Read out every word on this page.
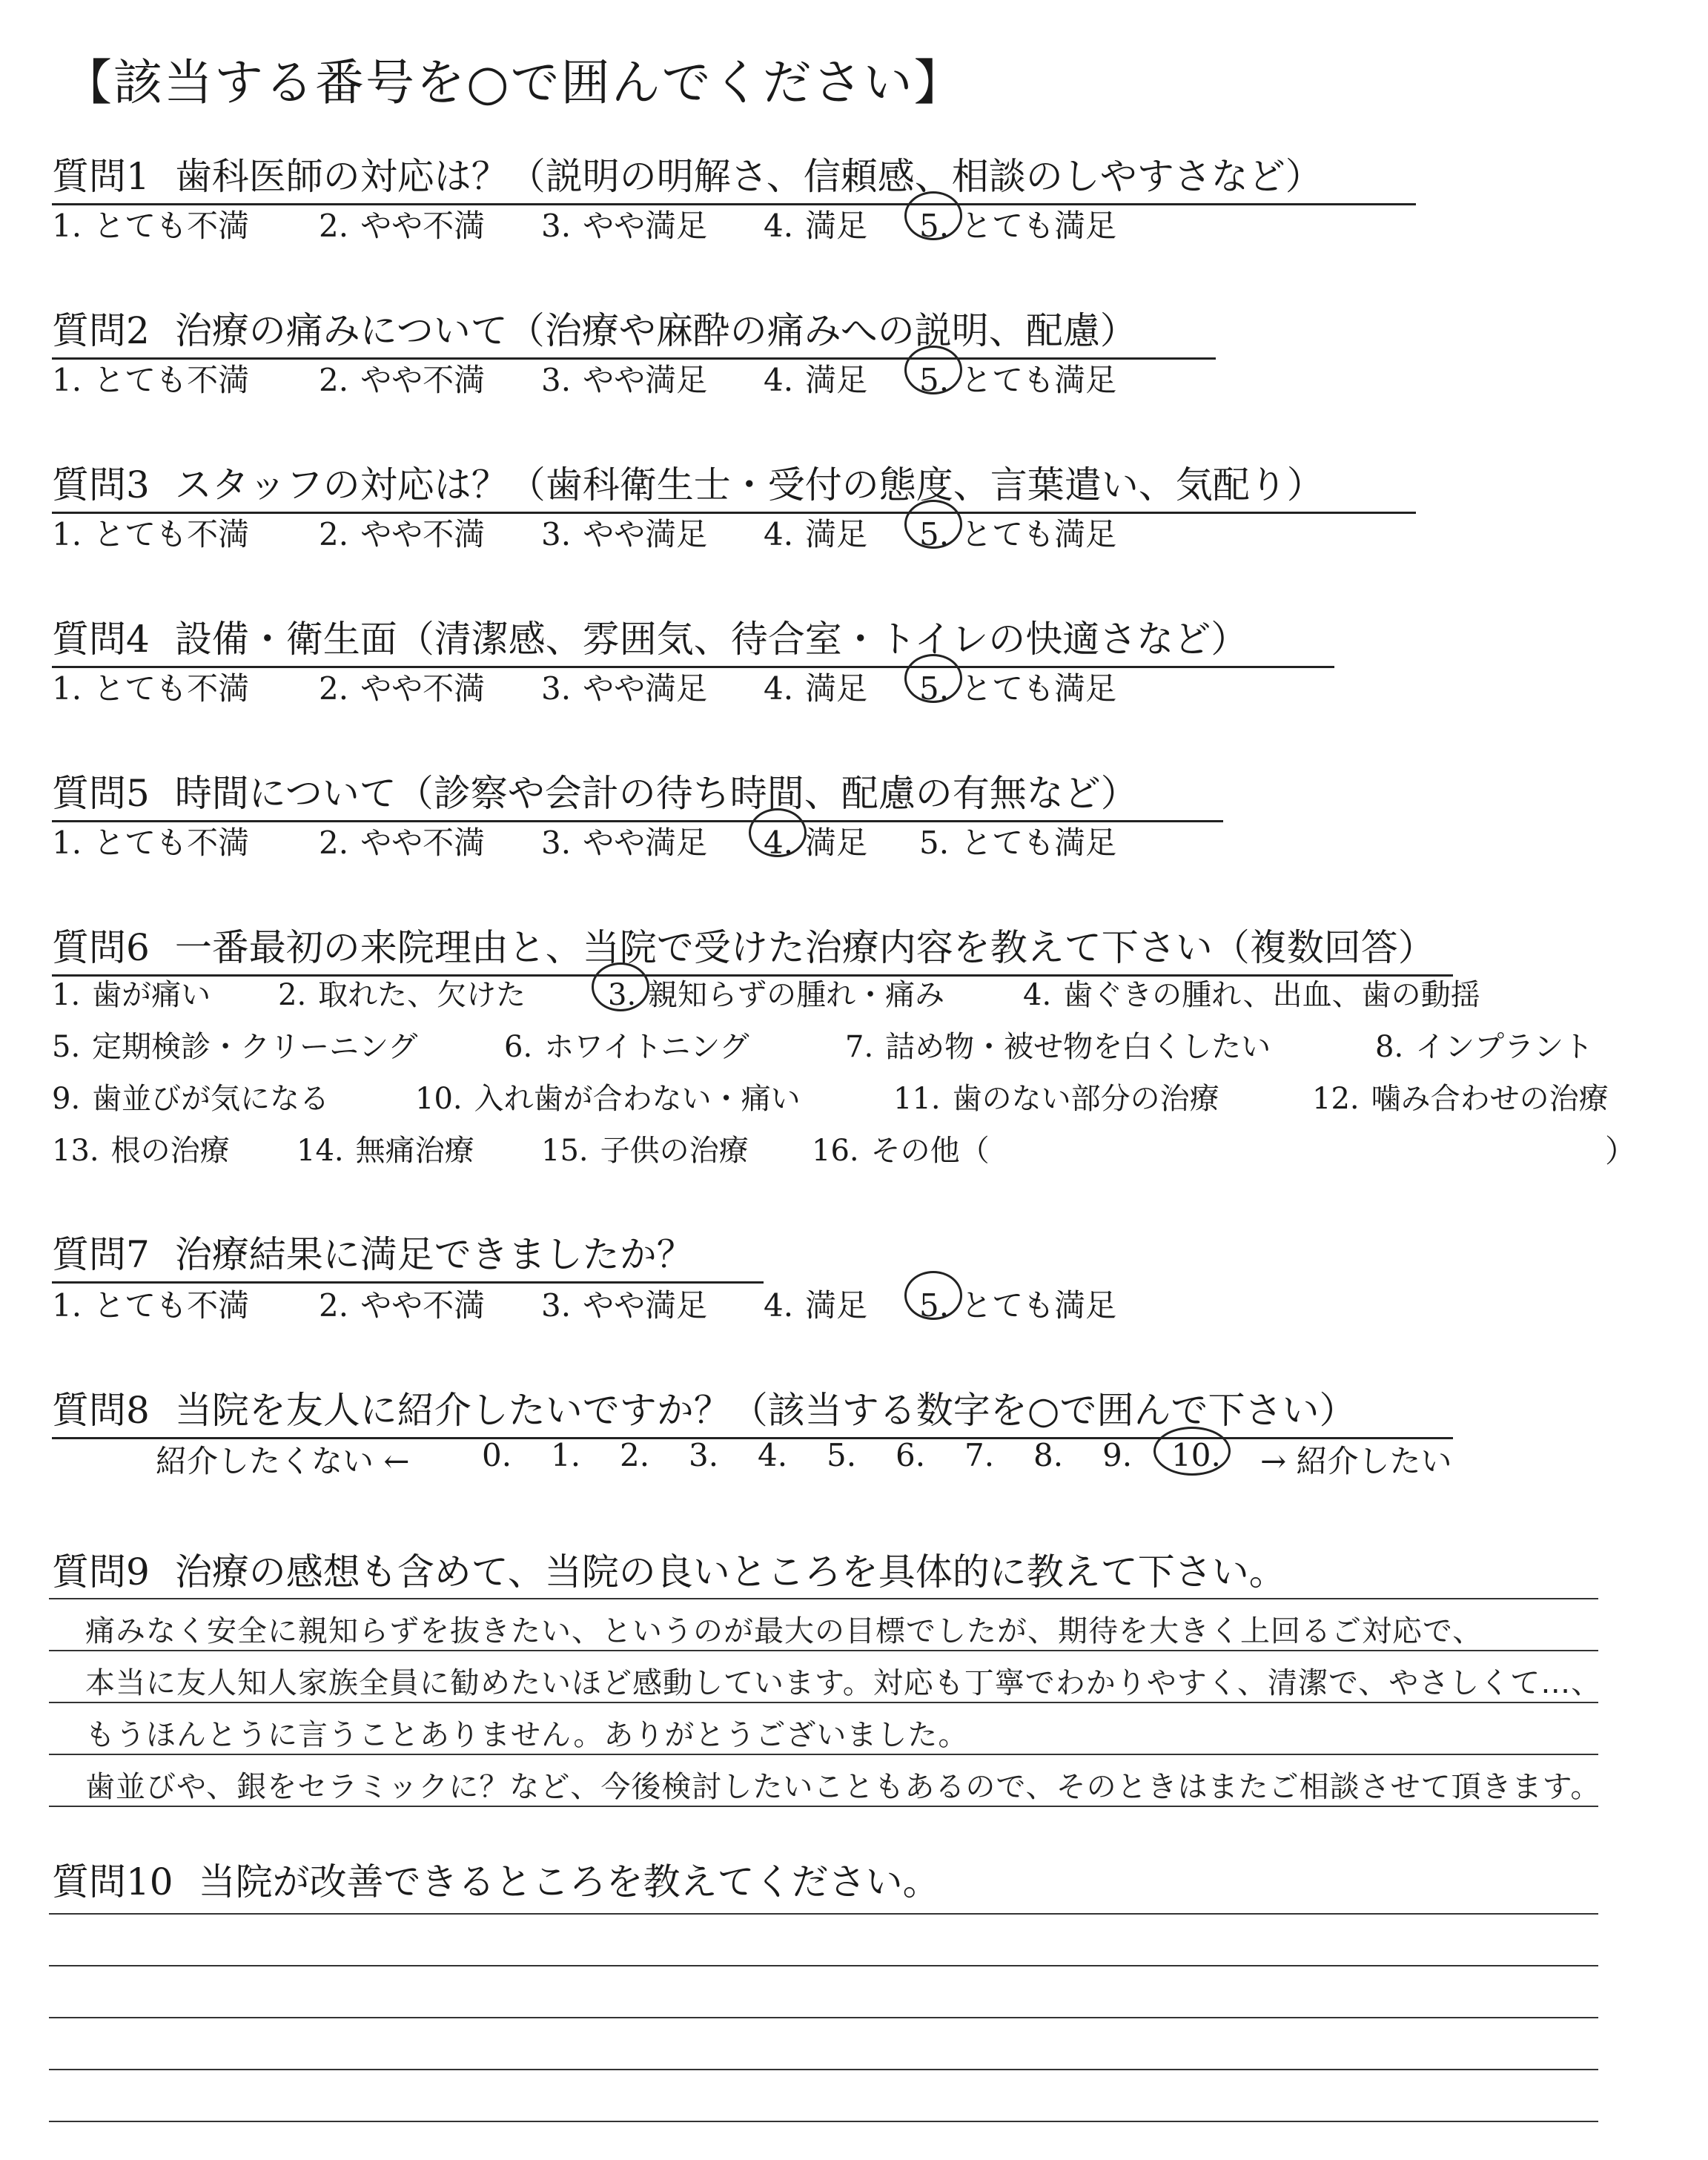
【該当する番号を○で囲んでください】
質問1 歯科医師の対応は？（説明の明解さ、信頼感、相談のしやすさなど）
1. とても不満 2. やや不満 3. やや満足 4. 満足 5. とても満足
質問2 治療の痛みについて（治療や麻酔の痛みへの説明、配慮）
1. とても不満 2. やや不満 3. やや満足 4. 満足 5. とても満足
質問3 スタッフの対応は？（歯科衛生士・受付の態度、言葉遣い、気配り）
1. とても不満 2. やや不満 3. やや満足 4. 満足 5. とても満足
質問4 設備・衛生面（清潔感、雰囲気、待合室・トイレの快適さなど）
1. とても不満 2. やや不満 3. やや満足 4. 満足 5. とても満足
質問5 時間について（診察や会計の待ち時間、配慮の有無など）
1. とても不満 2. やや不満 3. やや満足 4. 満足 5. とても満足
質問6 一番最初の来院理由と、当院で受けた治療内容を教えて下さい（複数回答）
1. 歯が痛い 2. 取れた、欠けた	3. 親知らずの腫れ・痛み	4. 歯ぐきの腫れ、出血、歯の動揺
5. 定期検診・クリーニング	6. ホワイトニング	7. 詰め物・被せ物を白くしたい	8. インプラント
9. 歯並びが気になる	10. 入れ歯が合わない・痛い	11. 歯のない部分の治療	12. 噛み合わせの治療
13. 根の治療 14. 無痛治療 15. 子供の治療 16. その他（	）
質問7 治療結果に満足できましたか？
1. とても不満 2. やや不満 3. やや満足 4. 満足 5. とても満足
質問8 当院を友人に紹介したいですか？（該当する数字を○で囲んで下さい）
紹介したくない ← 0. 1. 2. 3. 4. 5. 6. 7. 8. 9. 10. → 紹介したい
質問9 治療の感想も含めて、当院の良いところを具体的に教えて下さい。
痛みなく安全に親知らずを抜きたい、というのが最大の目標でしたが、期待を大きく上回るご対応で、
本当に友人知人家族全員に勧めたいほど感動しています。対応も丁寧でわかりやすく、清潔で、やさしくて…、
もうほんとうに言うことありません。ありがとうございました。
歯並びや、銀をセラミックに？など、今後検討したいこともあるので、そのときはまたご相談させて頂きます。
質問10 当院が改善できるところを教えてください。
